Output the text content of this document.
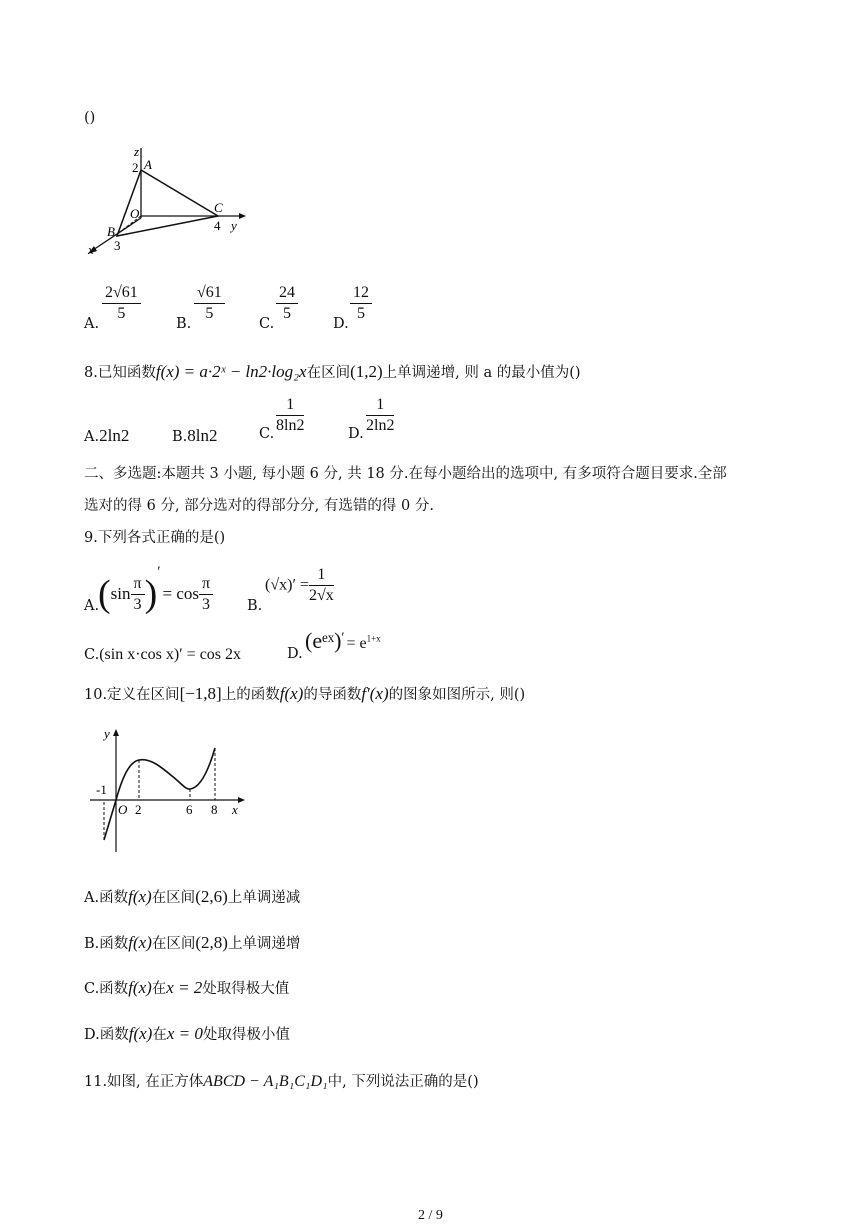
()
z
2 A
O	C
4 y
B
3
x
A.
$\frac{2√61}{5}$
B.
$\frac{√61}{5}$
C.
$\frac{24}{5}$
D.
$\frac{12}{5}$
8.已知函数f(x) = a·2ˣ − ln2·log₂x在区间(1,2)上单调递增, 则 a 的最小值为()
A.2ln2	B.8ln2	C. $\frac{1}{8\ln 2}$	D. $\frac{1}{2\ln 2}$
二、多选题:本题共 3 小题, 每小题 6 分, 共 18 分.在每小题给出的选项中, 有多项符合题目要求.全部
选对的得 6 分, 部分选对的得部分分, 有选错的得 0 分.
9.下列各式正确的是()
A.
$(\sin \frac{\pi}{3} )'= \cos \frac{\pi}{3} B$.
$(√x)' = \frac{1}{2√x}$
C.(sin x·cos x)′ = cos 2x	D.
(eᵉˣ)′ = $e^{1+x}$
10.定义在区间[−1,8]上的函数f(x)的导函数f′(x)的图象如图所示, 则()
y
-1
O 2	6 8 x
A.函数f(x)在区间(2,6)上单调递减
B.函数f(x)在区间(2,8)上单调递增
C.函数f(x)在x = 2处取得极大值
D.函数f(x)在x = 0处取得极小值
11.如图, 在正方体ABCD − A₁B₁C₁D₁中, 下列说法正确的是()
2 / 9
